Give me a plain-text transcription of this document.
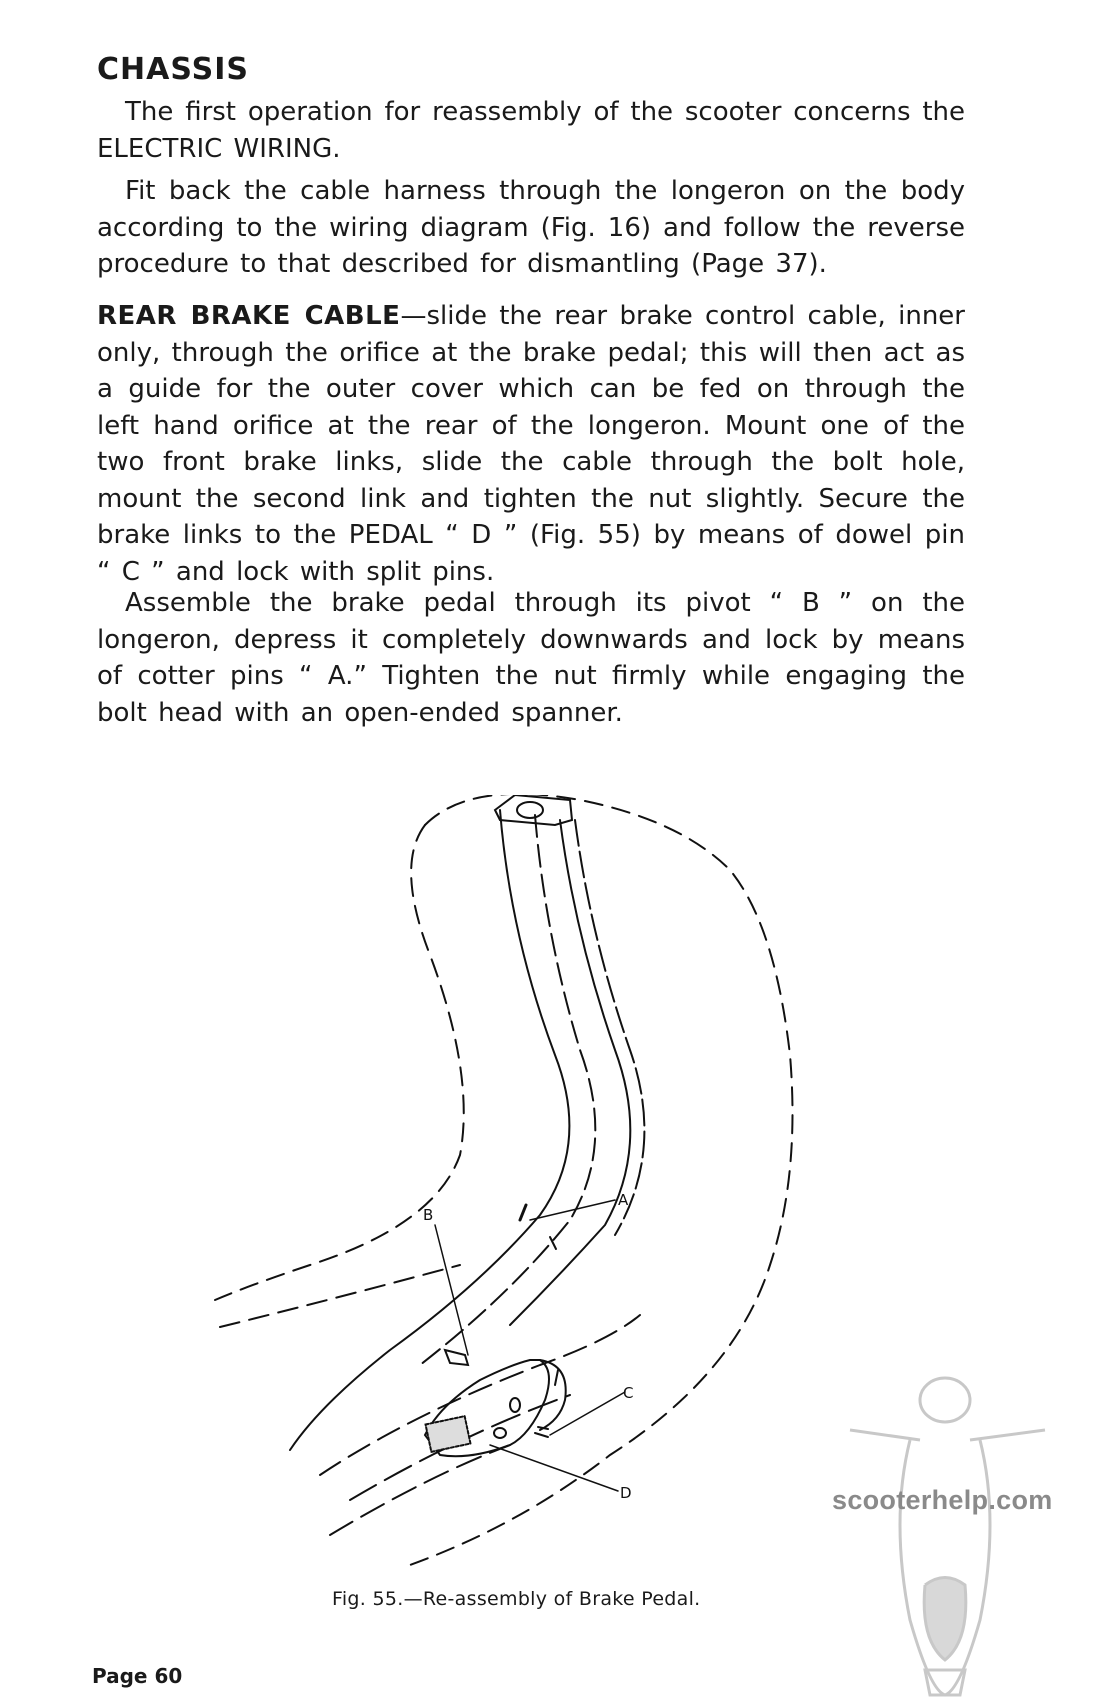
CHASSIS

The first operation for reassembly of the scooter concerns the ELECTRIC WIRING.

Fit back the cable harness through the longeron on the body according to the wiring diagram (Fig. 16) and follow the reverse procedure to that described for dismantling (Page 37).

REAR BRAKE CABLE—slide the rear brake control cable, inner only, through the orifice at the brake pedal; this will then act as a guide for the outer cover which can be fed on through the left hand orifice at the rear of the longeron. Mount one of the two front brake links, slide the cable through the bolt hole, mount the second link and tighten the nut slightly. Secure the brake links to the PEDAL “ D ” (Fig. 55) by means of dowel pin “ C ” and lock with split pins.

Assemble the brake pedal through its pivot “ B ” on the longeron, depress it completely downwards and lock by means of cotter pins “ A.” Tighten the nut firmly while engaging the bolt head with an open-ended spanner.

B
A
C
D

Fig. 55.—Re-assembly of Brake Pedal.

Page 60

scooterhelp.com
